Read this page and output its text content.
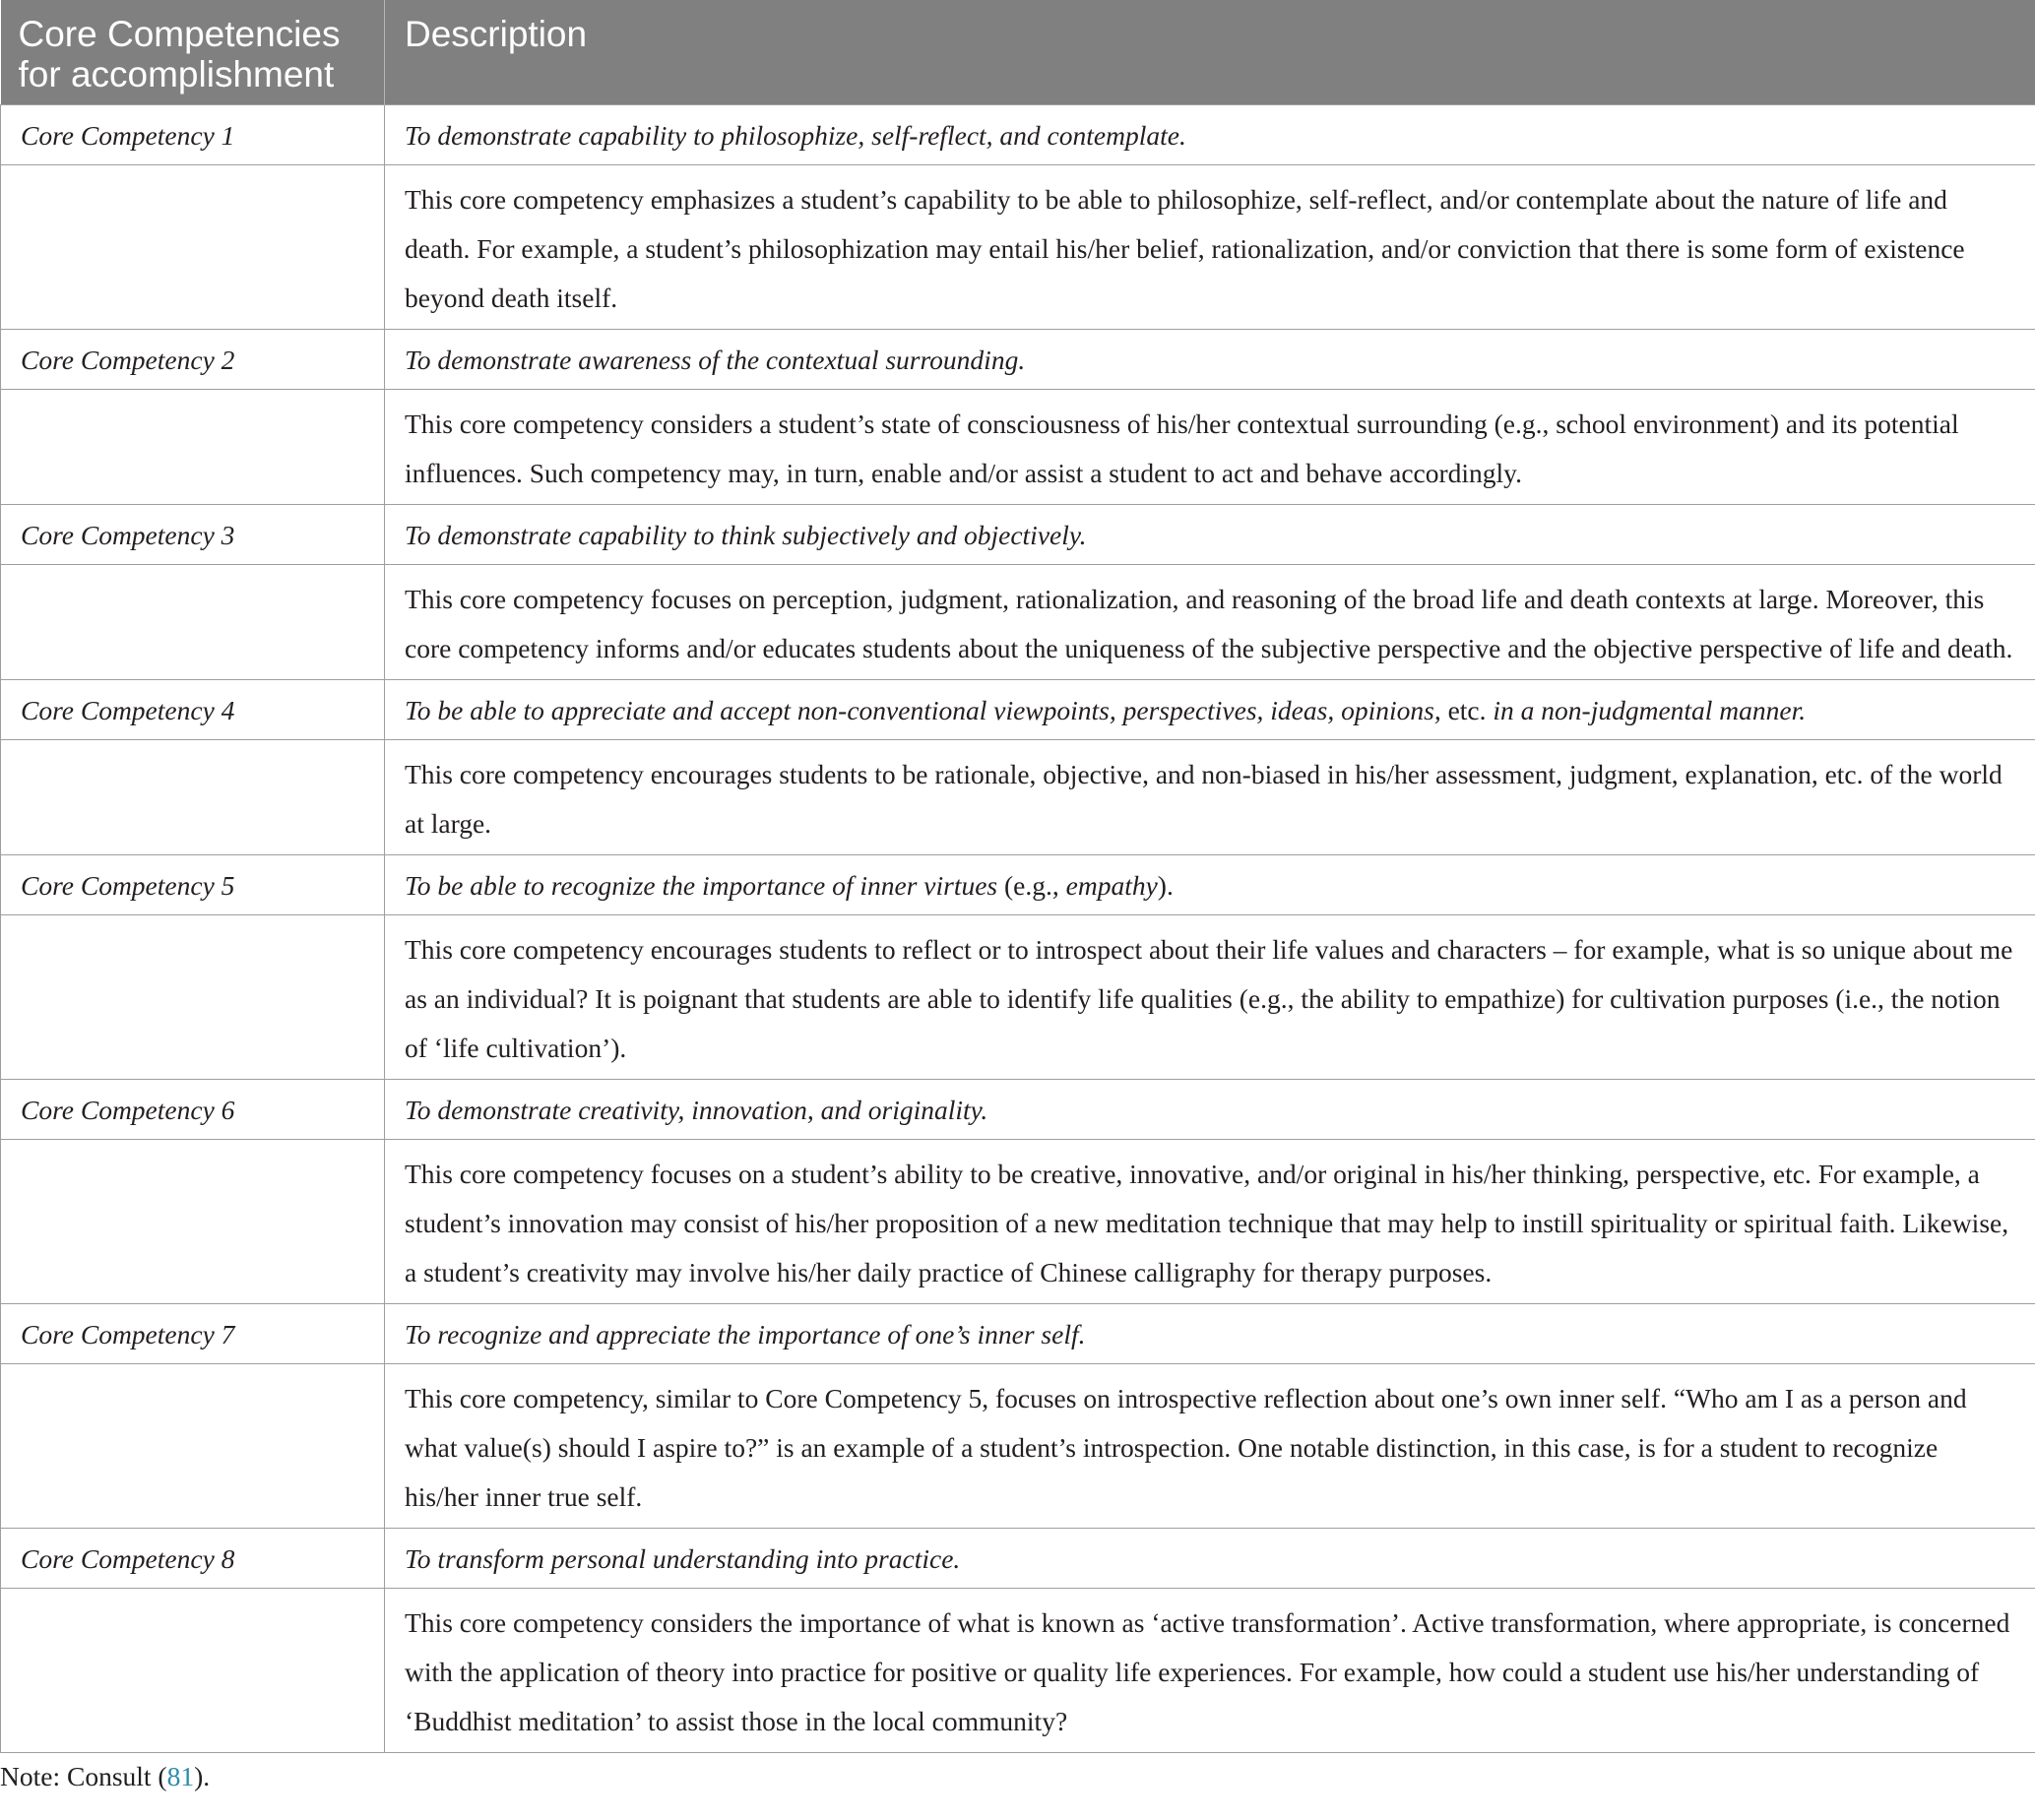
Core Competencies
for accomplishment	Description
Core Competency 1	To demonstrate capability to philosophize, self-reflect, and contemplate.
	This core competency emphasizes a student’s capability to be able to philosophize, self-reflect, and/or contemplate about the nature of life and death. For example, a student’s philosophization may entail his/her belief, rationalization, and/or conviction that there is some form of existence beyond death itself.
Core Competency 2	To demonstrate awareness of the contextual surrounding.
	This core competency considers a student’s state of consciousness of his/her contextual surrounding (e.g., school environment) and its potential influences. Such competency may, in turn, enable and/or assist a student to act and behave accordingly.
Core Competency 3	To demonstrate capability to think subjectively and objectively.
	This core competency focuses on perception, judgment, rationalization, and reasoning of the broad life and death contexts at large. Moreover, this core competency informs and/or educates students about the uniqueness of the subjective perspective and the objective perspective of life and death.
Core Competency 4	To be able to appreciate and accept non-conventional viewpoints, perspectives, ideas, opinions, etc. in a non-judgmental manner.
	This core competency encourages students to be rationale, objective, and non-biased in his/her assessment, judgment, explanation, etc. of the world at large.
Core Competency 5	To be able to recognize the importance of inner virtues (e.g., empathy).
	This core competency encourages students to reflect or to introspect about their life values and characters – for example, what is so unique about me as an individual? It is poignant that students are able to identify life qualities (e.g., the ability to empathize) for cultivation purposes (i.e., the notion of ‘life cultivation’).
Core Competency 6	To demonstrate creativity, innovation, and originality.
	This core competency focuses on a student’s ability to be creative, innovative, and/or original in his/her thinking, perspective, etc. For example, a student’s innovation may consist of his/her proposition of a new meditation technique that may help to instill spirituality or spiritual faith. Likewise, a student’s creativity may involve his/her daily practice of Chinese calligraphy for therapy purposes.
Core Competency 7	To recognize and appreciate the importance of one’s inner self.
	This core competency, similar to Core Competency 5, focuses on introspective reflection about one’s own inner self. “Who am I as a person and what value(s) should I aspire to?” is an example of a student’s introspection. One notable distinction, in this case, is for a student to recognize his/her inner true self.
Core Competency 8	To transform personal understanding into practice.
	This core competency considers the importance of what is known as ‘active transformation’. Active transformation, where appropriate, is concerned with the application of theory into practice for positive or quality life experiences. For example, how could a student use his/her understanding of ‘Buddhist meditation’ to assist those in the local community?
Note: Consult (81).
